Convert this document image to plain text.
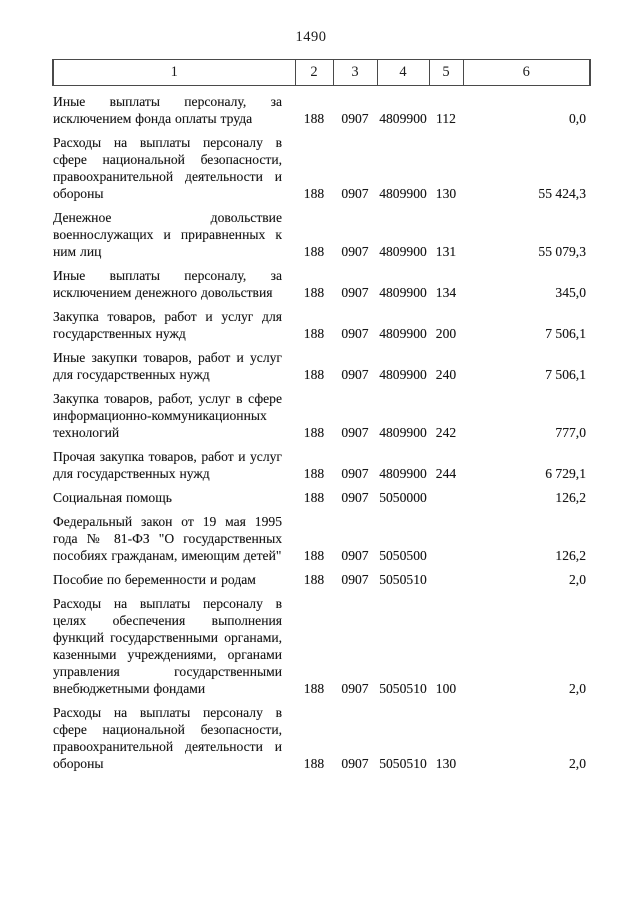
1490
1	2	3	4	5	6
Иные выплаты персоналу, за исключением фонда оплаты труда	188	0907	4809900	112	0,0
Расходы на выплаты персоналу в сфере национальной безопасности, правоохранительной деятельности и обороны	188	0907	4809900	130	55 424,3
Денежное довольствие военнослужащих и приравненных к ним лиц	188	0907	4809900	131	55 079,3
Иные выплаты персоналу, за исключением денежного довольствия	188	0907	4809900	134	345,0
Закупка товаров, работ и услуг для государственных нужд	188	0907	4809900	200	7 506,1
Иные закупки товаров, работ и услуг для государственных нужд	188	0907	4809900	240	7 506,1
Закупка товаров, работ, услуг в сфере информационно-коммуникационных технологий	188	0907	4809900	242	777,0
Прочая закупка товаров, работ и услуг для государственных нужд	188	0907	4809900	244	6 729,1
Социальная помощь	188	0907	5050000		126,2
Федеральный закон от 19 мая 1995 года № 81-ФЗ "О государственных пособиях гражданам, имеющим детей"	188	0907	5050500		126,2
Пособие по беременности и родам	188	0907	5050510		2,0
Расходы на выплаты персоналу в целях обеспечения выполнения функций государственными органами, казенными учреждениями, органами управления государственными внебюджетными фондами	188	0907	5050510	100	2,0
Расходы на выплаты персоналу в сфере национальной безопасности, правоохранительной деятельности и обороны	188	0907	5050510	130	2,0
